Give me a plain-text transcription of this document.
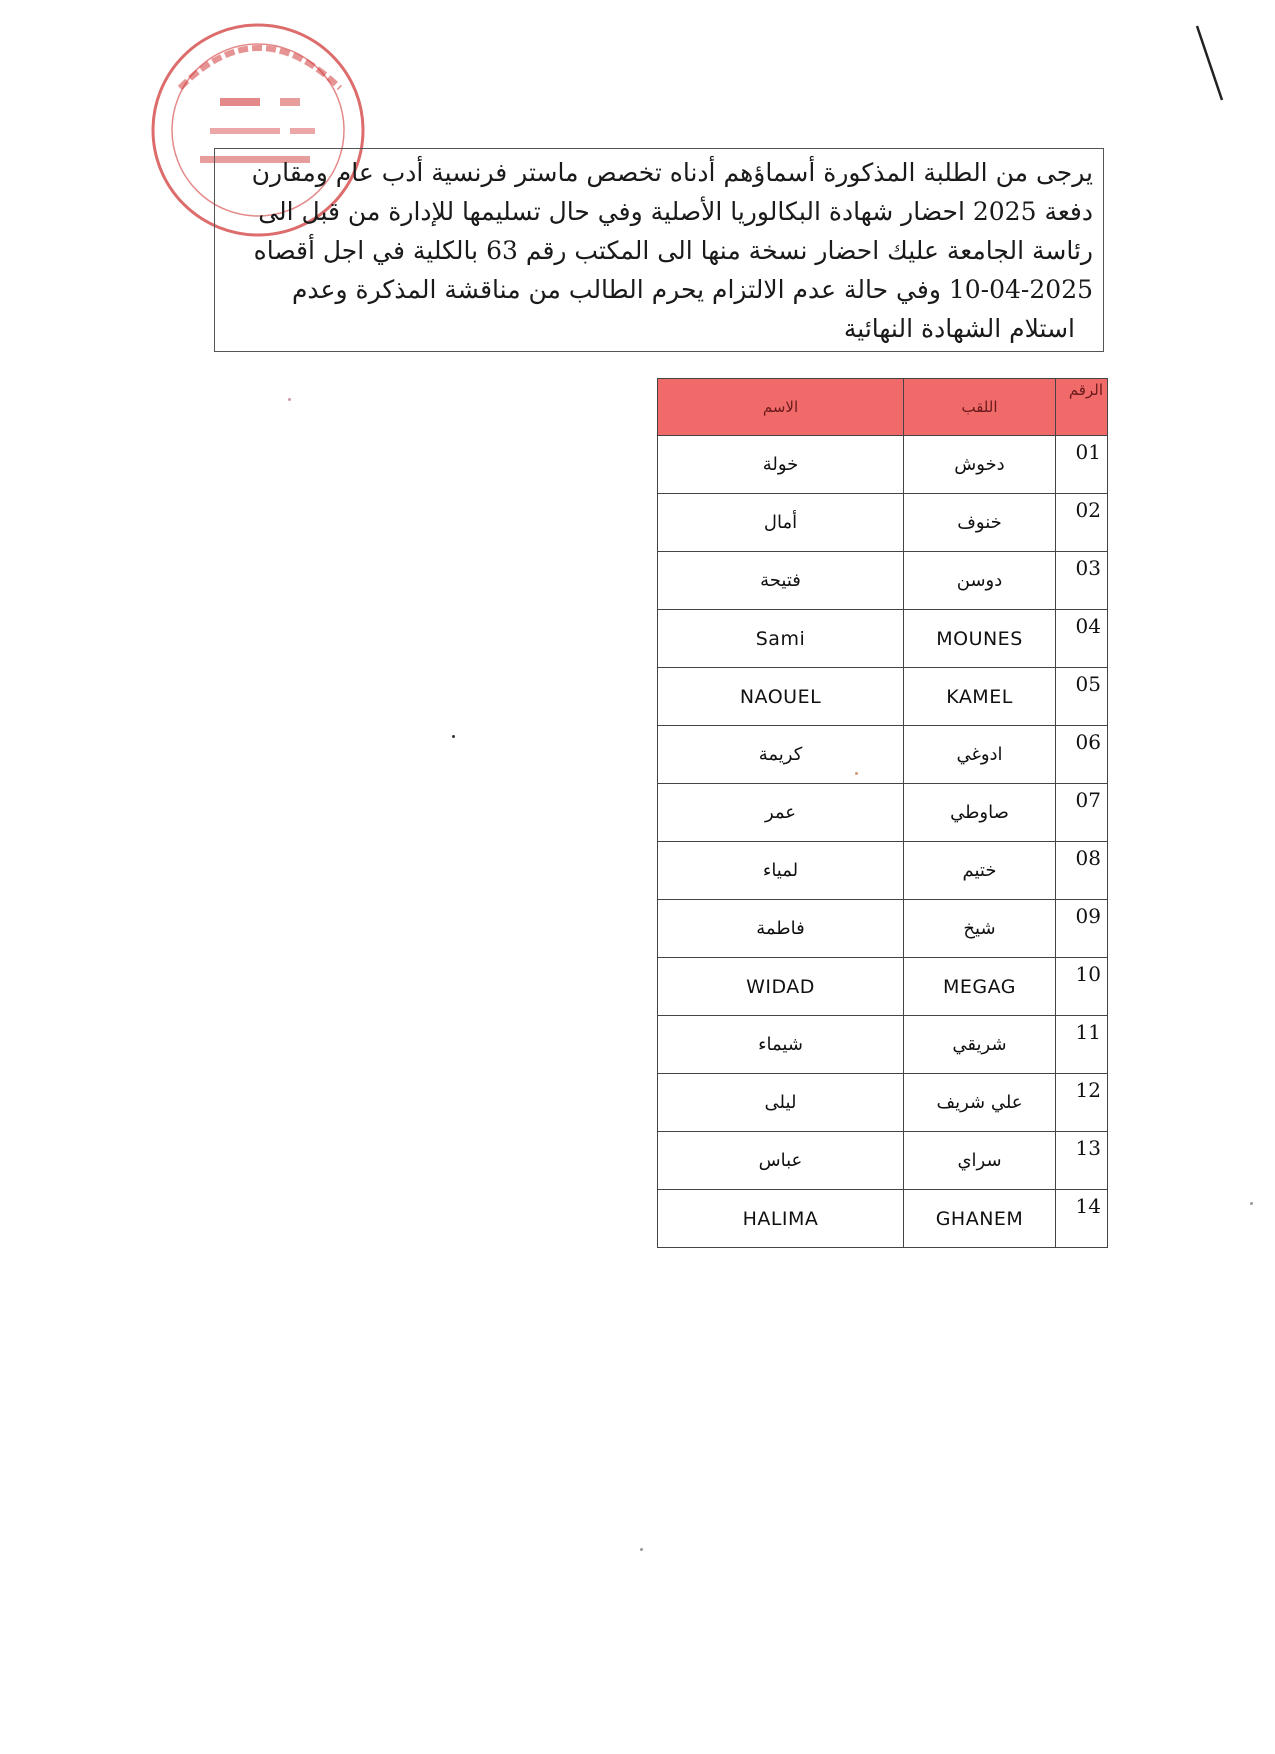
يرجى من الطلبة المذكورة أسماؤهم أدناه تخصص ماستر فرنسية أدب عام ومقارن
دفعة 2025 احضار شهادة البكالوريا الأصلية وفي حال تسليمها للإدارة من قبل الى
رئاسة الجامعة عليك احضار نسخة منها الى المكتب رقم 63 بالكلية في اجل أقصاه
10-04-2025 وفي حالة عدم الالتزام يحرم الطالب من مناقشة المذكرة وعدم
استلام الشهادة النهائية

الرقم	اللقب	الاسم
01	دخوش	خولة
02	خنوف	أمال
03	دوسن	فتيحة
04	MOUNES	Sami
05	KAMEL	NAOUEL
06	ادوغي	كريمة
07	صاوطي	عمر
08	ختيم	لمياء
09	شيخ	فاطمة
10	MEGAG	WIDAD
11	شريقي	شيماء
12	علي شريف	ليلى
13	سراي	عباس
14	GHANEM	HALIMA
